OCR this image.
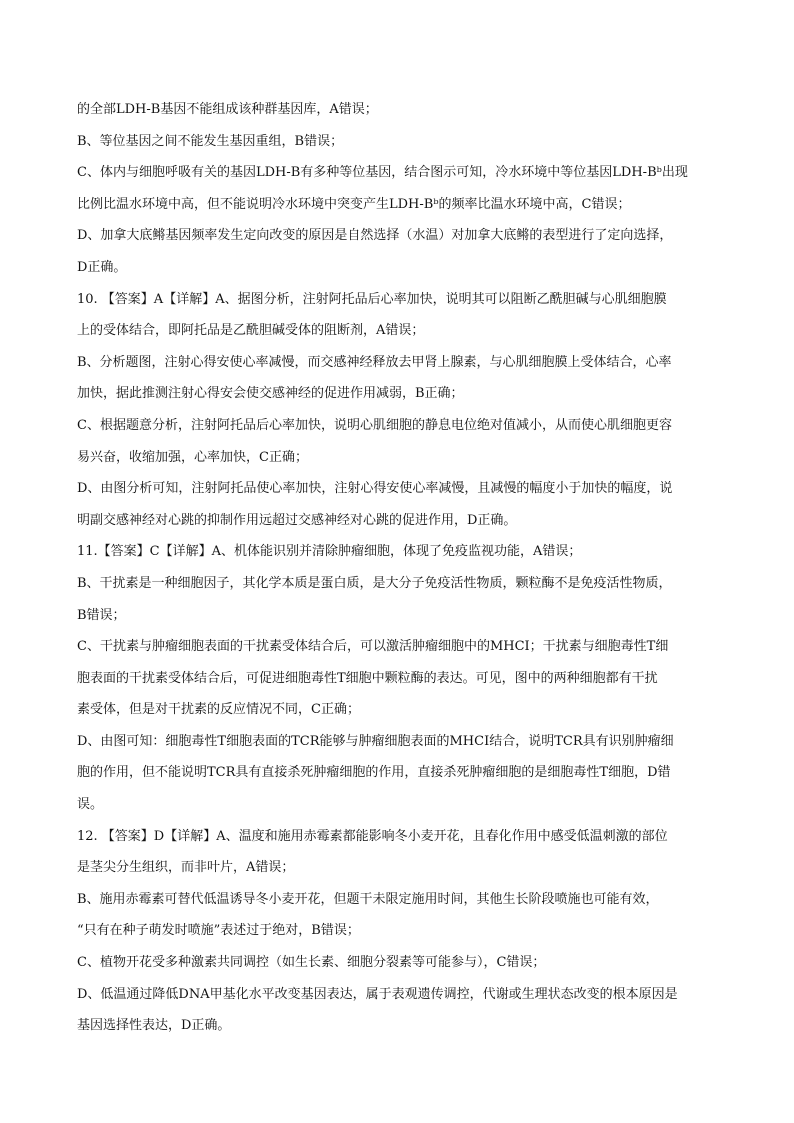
的全部LDH-B基因不能组成该种群基因库，A错误；
B、等位基因之间不能发生基因重组，B错误；
C、体内与细胞呼吸有关的基因LDH-B有多种等位基因，结合图示可知，冷水环境中等位基因LDH-Bᵇ出现
比例比温水环境中高，但不能说明冷水环境中突变产生LDH-Bᵇ的频率比温水环境中高，C错误；
D、加拿大底鳉基因频率发生定向改变的原因是自然选择（水温）对加拿大底鳉的表型进行了定向选择，
D正确。
10. 【答案】A【详解】A、据图分析，注射阿托品后心率加快，说明其可以阻断乙酰胆碱与心肌细胞膜
上的受体结合，即阿托品是乙酰胆碱受体的阻断剂，A错误；
B、分析题图，注射心得安使心率减慢，而交感神经释放去甲肾上腺素，与心肌细胞膜上受体结合，心率
加快，据此推测注射心得安会使交感神经的促进作用减弱，B正确；
C、根据题意分析，注射阿托品后心率加快，说明心肌细胞的静息电位绝对值减小，从而使心肌细胞更容
易兴奋，收缩加强，心率加快，C正确；
D、由图分析可知，注射阿托品使心率加快，注射心得安使心率减慢，且减慢的幅度小于加快的幅度，说
明副交感神经对心跳的抑制作用远超过交感神经对心跳的促进作用，D正确。
11.【答案】C【详解】A、机体能识别并清除肿瘤细胞，体现了免疫监视功能，A错误；
B、干扰素是一种细胞因子，其化学本质是蛋白质，是大分子免疫活性物质，颗粒酶不是免疫活性物质，
B错误；
C、干扰素与肿瘤细胞表面的干扰素受体结合后，可以激活肿瘤细胞中的MHCⅠ；干扰素与细胞毒性T细
胞表面的干扰素受体结合后，可促进细胞毒性T细胞中颗粒酶的表达。可见，图中的两种细胞都有干扰
素受体，但是对干扰素的反应情况不同，C正确；
D、由图可知：细胞毒性T细胞表面的TCR能够与肿瘤细胞表面的MHCⅠ结合，说明TCR具有识别肿瘤细
胞的作用，但不能说明TCR具有直接杀死肿瘤细胞的作用，直接杀死肿瘤细胞的是细胞毒性T细胞，D错
误。
12. 【答案】D【详解】A、温度和施用赤霉素都能影响冬小麦开花，且春化作用中感受低温刺激的部位
是茎尖分生组织，而非叶片，A错误；
B、施用赤霉素可替代低温诱导冬小麦开花，但题干未限定施用时间，其他生长阶段喷施也可能有效，
“只有在种子萌发时喷施”表述过于绝对，B错误；
C、植物开花受多种激素共同调控（如生长素、细胞分裂素等可能参与），C错误；
D、低温通过降低DNA甲基化水平改变基因表达，属于表观遗传调控，代谢或生理状态改变的根本原因是
基因选择性表达，D正确。
